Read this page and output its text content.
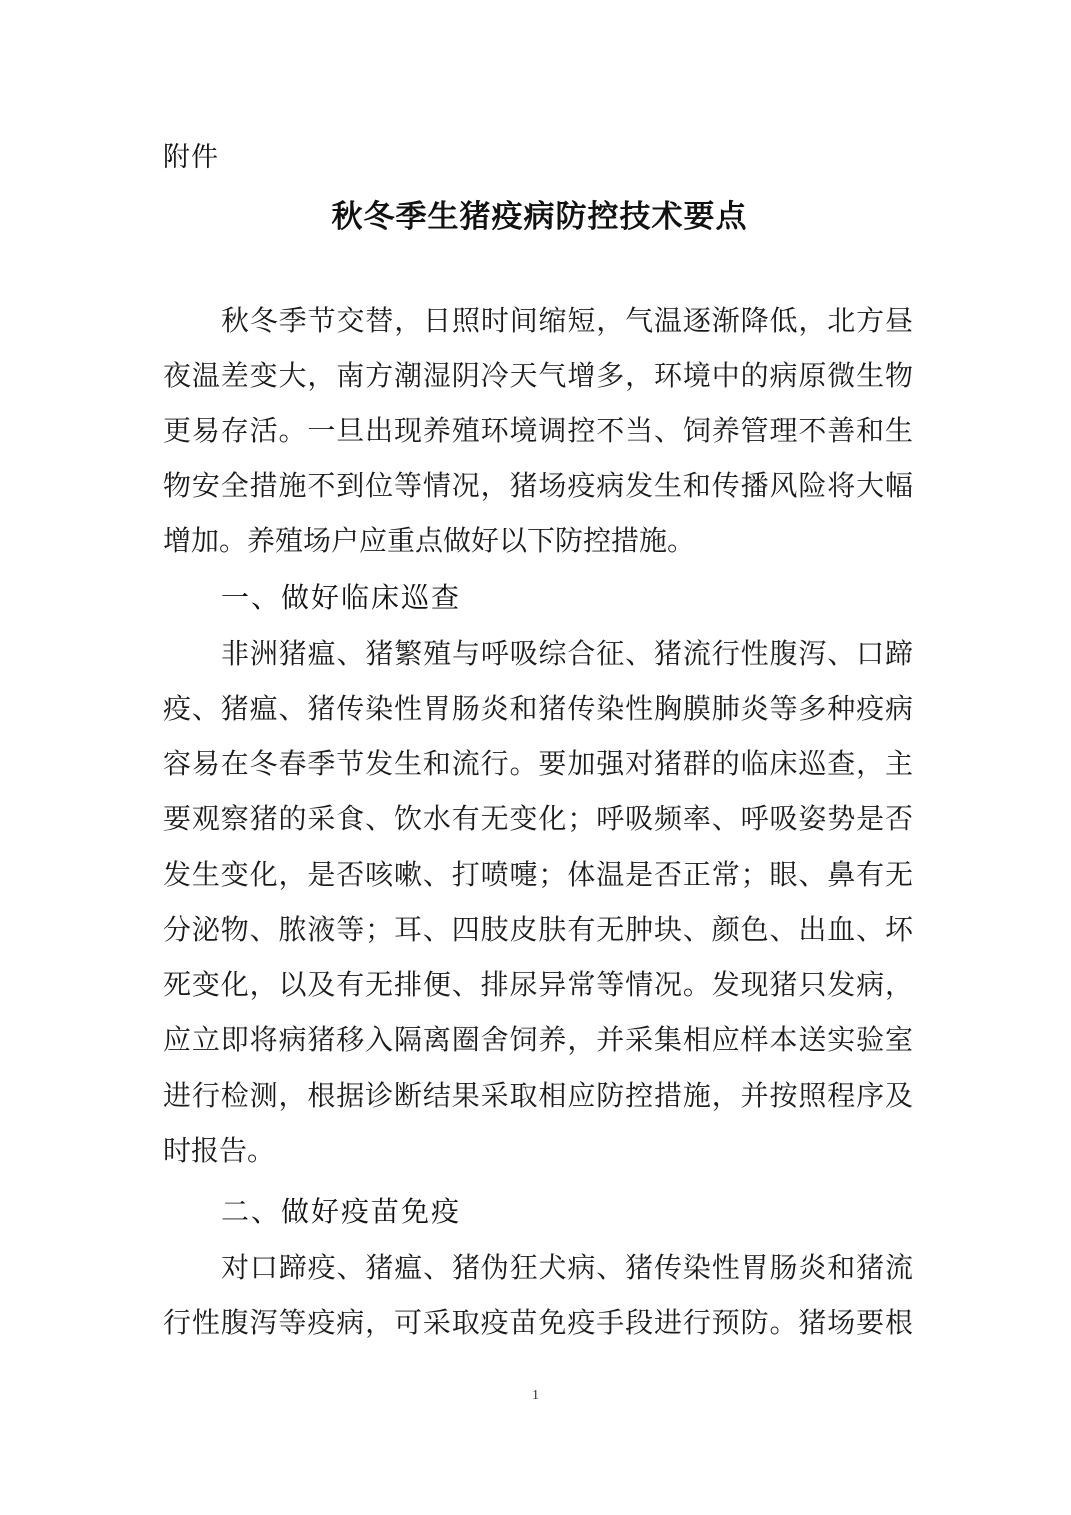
附件
秋冬季生猪疫病防控技术要点
秋冬季节交替，日照时间缩短，气温逐渐降低，北方昼
夜温差变大，南方潮湿阴冷天气增多，环境中的病原微生物
更易存活。一旦出现养殖环境调控不当、饲养管理不善和生
物安全措施不到位等情况，猪场疫病发生和传播风险将大幅
增加。养殖场户应重点做好以下防控措施。
一、做好临床巡查
非洲猪瘟、猪繁殖与呼吸综合征、猪流行性腹泻、口蹄
疫、猪瘟、猪传染性胃肠炎和猪传染性胸膜肺炎等多种疫病
容易在冬春季节发生和流行。要加强对猪群的临床巡查，主
要观察猪的采食、饮水有无变化；呼吸频率、呼吸姿势是否
发生变化，是否咳嗽、打喷嚏；体温是否正常；眼、鼻有无
分泌物、脓液等；耳、四肢皮肤有无肿块、颜色、出血、坏
死变化，以及有无排便、排尿异常等情况。发现猪只发病，
应立即将病猪移入隔离圈舍饲养，并采集相应样本送实验室
进行检测，根据诊断结果采取相应防控措施，并按照程序及
时报告。
二、做好疫苗免疫
对口蹄疫、猪瘟、猪伪狂犬病、猪传染性胃肠炎和猪流
行性腹泻等疫病，可采取疫苗免疫手段进行预防。猪场要根
1
